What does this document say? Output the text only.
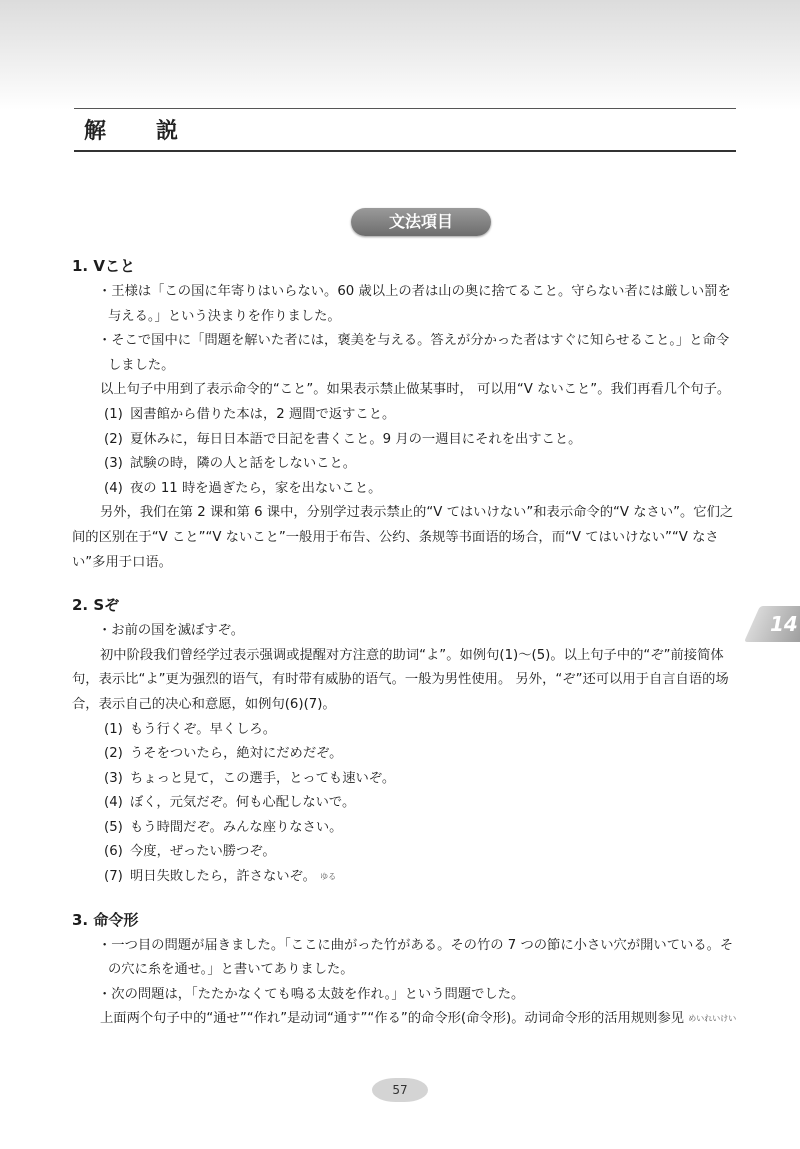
解　説
文法項目

1. Vこと

・王様は「この国に年寄りはいらない。60 歳以上の者は山の奥に捨てること。守らない者には厳しい罰を与える。」という決まりを作りました。

・そこで国中に「問題を解いた者には，褒美を与える。答えが分かった者はすぐに知らせること。」と命令しました。

以上句子中用到了表示命令的“こと”。如果表示禁止做某事时， 可以用“V ないこと”。我们再看几个句子。

(1) 図書館から借りた本は，2 週間で返すこと。

(2) 夏休みに，毎日日本語で日記を書くこと。9 月の一週目にそれを出すこと。

(3) 試験の時，隣の人と話をしないこと。

(4) 夜の 11 時を過ぎたら，家を出ないこと。

另外，我们在第 2 课和第 6 课中，分别学过表示禁止的“V てはいけない”和表示命令的“V なさい”。它们之间的区别在于“V こと”“V ないこと”一般用于布告、公约、条规等书面语的场合，而“V てはいけない”“V なさい”多用于口语。

2. Sぞ

・お前の国を滅ぼすぞ。

初中阶段我们曾经学过表示强调或提醒对方注意的助词“よ”。如例句(1)～(5)。以上句子中的“ぞ”前接简体句，表示比“よ”更为强烈的语气，有时带有威胁的语气。一般为男性使用。 另外，“ぞ”还可以用于自言自语的场合，表示自己的决心和意愿，如例句(6)(7)。

(1) もう行くぞ。早くしろ。

(2) うそをついたら，絶対にだめだぞ。

(3) ちょっと見て，この選手，とっても速いぞ。

(4) ぼく，元気だぞ。何も心配しないで。

(5) もう時間だぞ。みんな座りなさい。

(6) 今度，ぜったい勝つぞ。

(7) 明日失敗したら，許さないぞ。 $^{ゆる}$

3. 命令形

・一つ目の問題が届きました。「ここに曲がった竹がある。その竹の 7 つの節に小さい穴が開いている。その穴に糸を通せ。」と書いてありました。

・次の問題は，「たたかなくても鳴る太鼓を作れ。」という問題でした。

上面两个句子中的“通せ”“作れ”是动词“通す”“作る”的命令形(命令形)。动词命令形的活用规则参见 $^{めいれいけい}$

14
57
